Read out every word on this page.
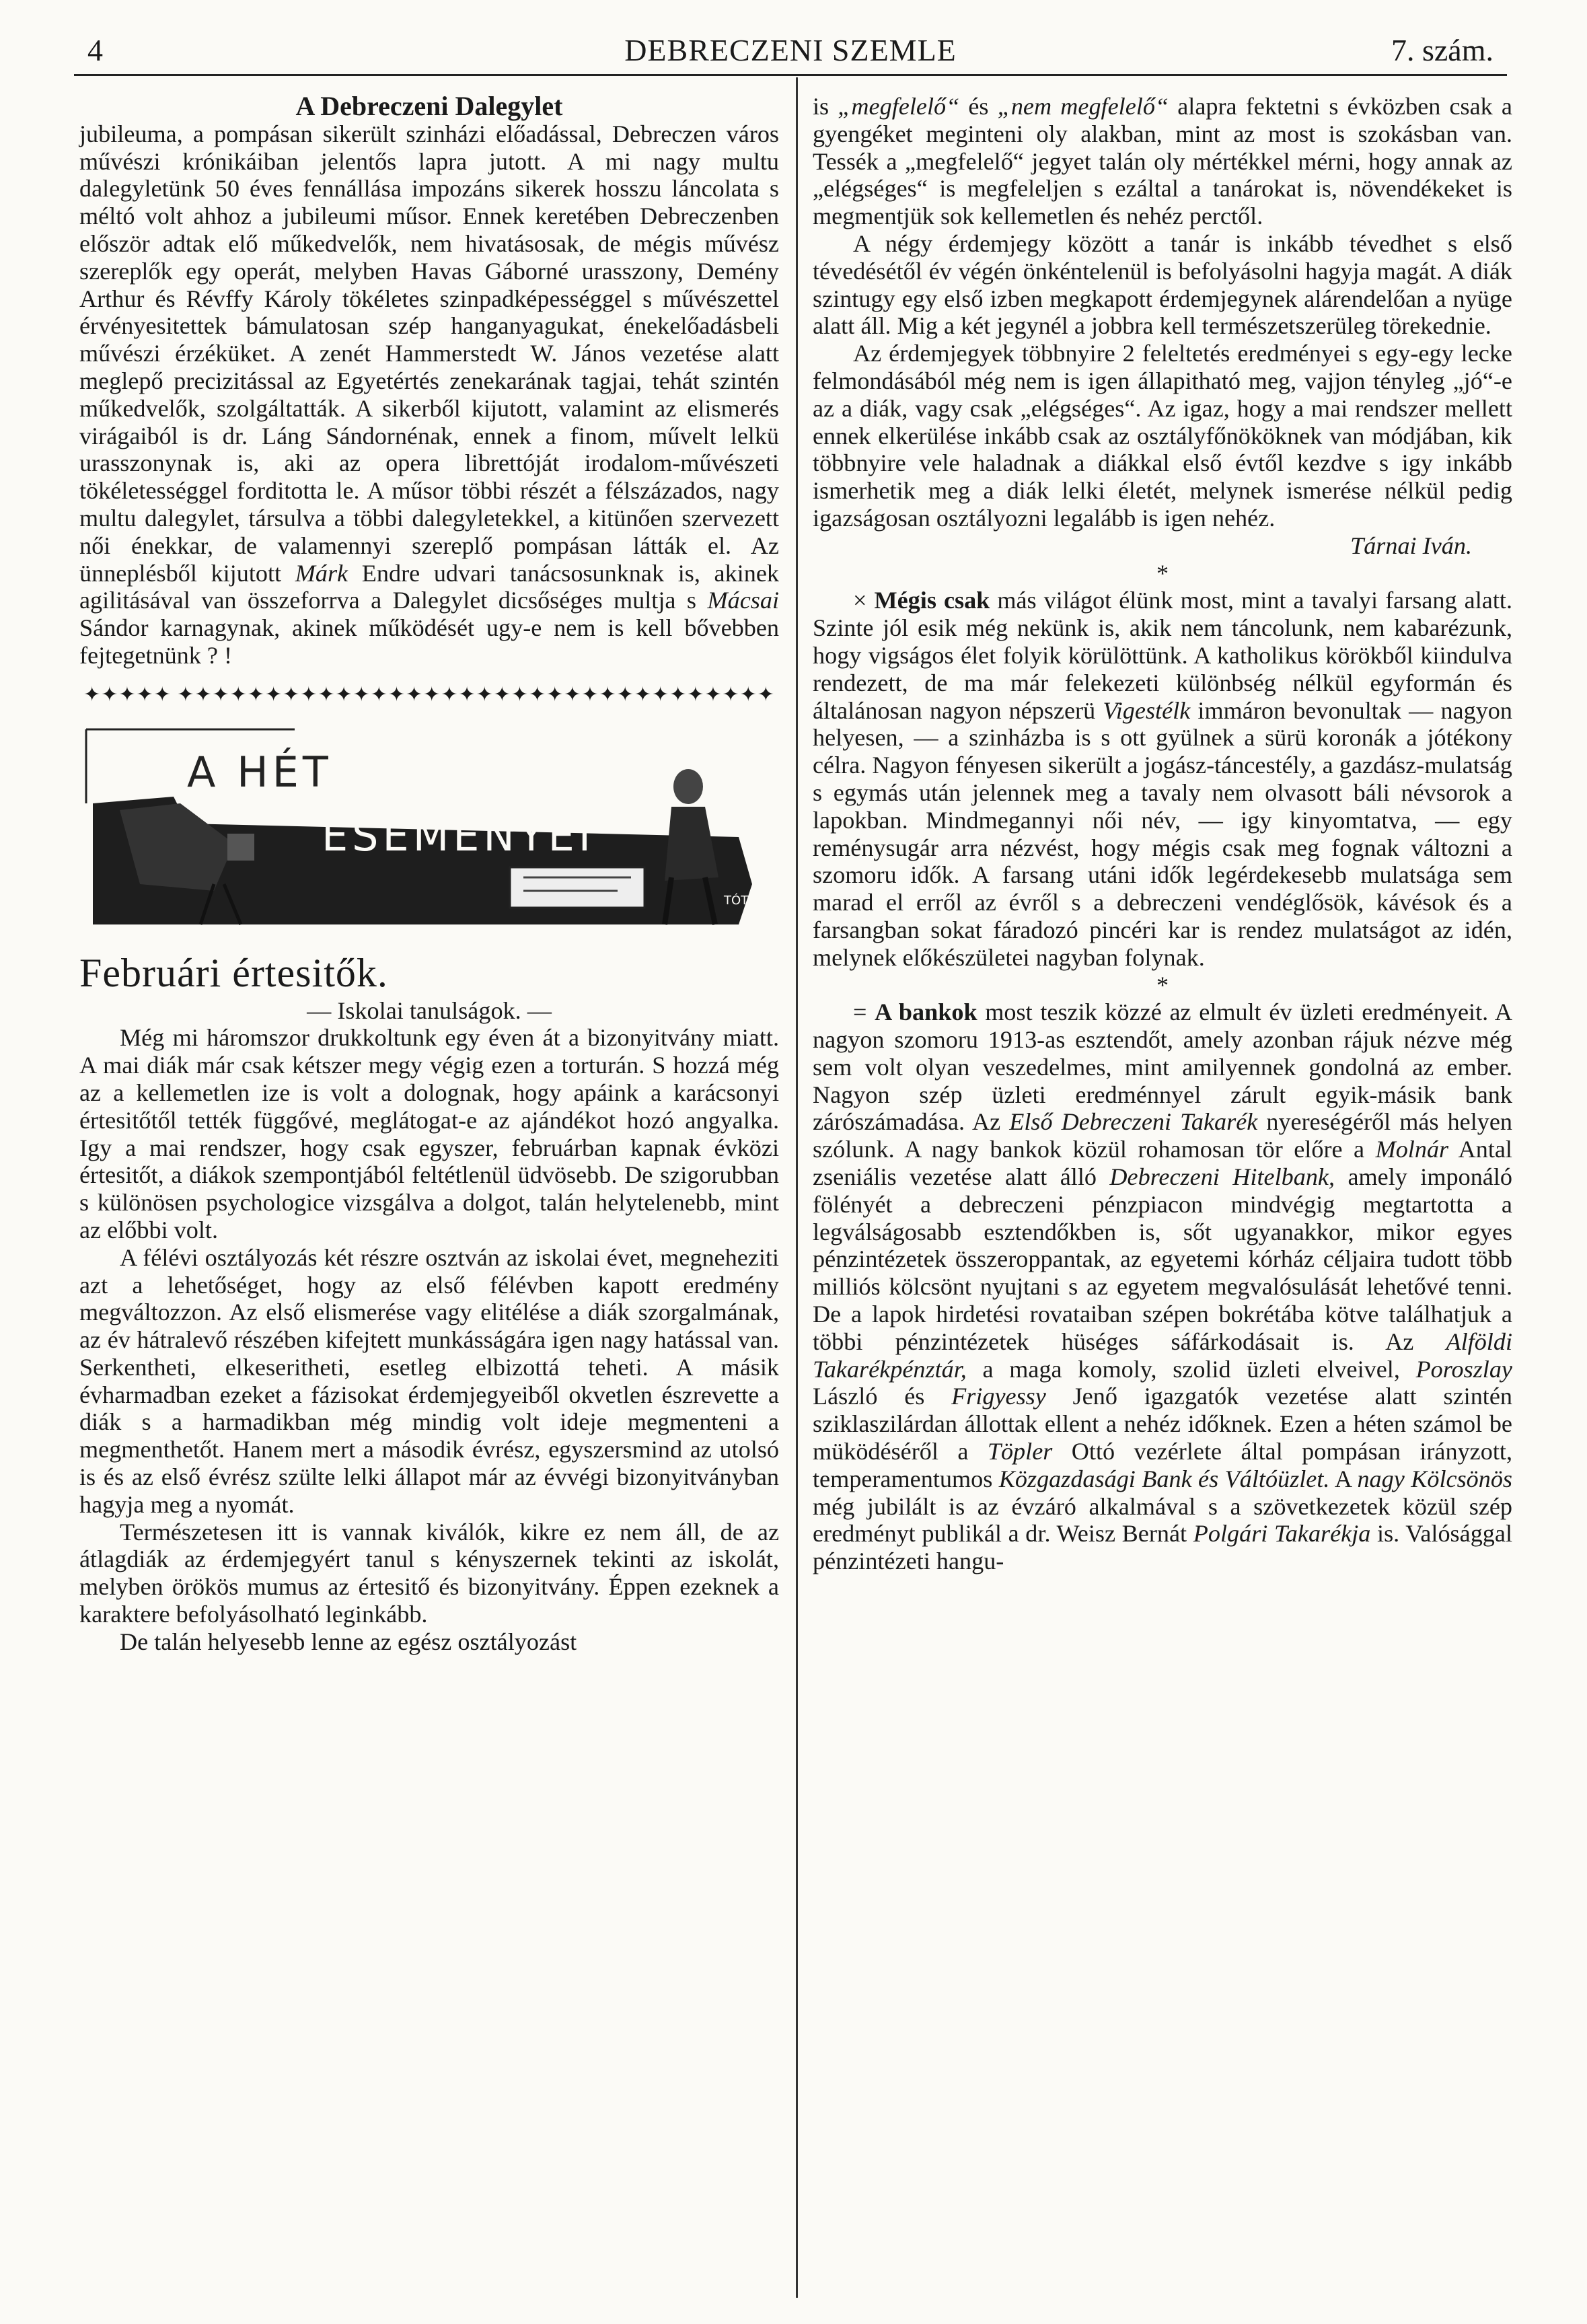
4	DEBRECZENI SZEMLE	7. szám.

A Debreczeni Dalegylet

jubileuma, a pompásan sikerült szinházi előadással, Debreczen város művészi krónikáiban jelentős lapra jutott. A mi nagy multu dalegyletünk 50 éves fennállása impozáns sikerek hosszu láncolata s méltó volt ahhoz a jubileumi műsor. Ennek keretében Debreczenben először adtak elő műkedvelők, nem hivatásosak, de mégis művész szereplők egy operát, melyben Havas Gáborné urasszony, Demény Arthur és Révffy Károly tökéletes szinpadképességgel s művészettel érvényesitettek bámulatosan szép hanganyagukat, énekelőadásbeli művészi érzéküket. A zenét Hammerstedt W. János vezetése alatt meglepő precizitással az Egyetértés zenekarának tagjai, tehát szintén műkedvelők, szolgáltatták. A sikerből kijutott, valamint az elismerés virágaiból is dr. Láng Sándornénak, ennek a finom, művelt lelkü urasszonynak is, aki az opera librettóját irodalom-művészeti tökéletességgel forditotta le. A műsor többi részét a félszázados, nagy multu dalegylet, társulva a többi dalegyletekkel, a kitünően szervezett női énekkar, de valamennyi szereplő pompásan látták el. Az ünneplésből kijutott Márk Endre udvari tanácsosunknak is, akinek agilitásával van összeforrva a Dalegylet dicsőséges multja s Mácsai Sándor karnagynak, akinek működését ugy-e nem is kell bővebben fejtegetnünk ? !

✦✦✦✦✦ ✦✦✦✦✦✦✦✦✦✦✦✦✦✦✦✦✦✦✦✦✦✦✦✦✦✦✦✦✦✦✦✦✦✦
A HÉT
ESEMÉNYEI
TÓTH 1912

Februári értesitők.

— Iskolai tanulságok. —

Még mi háromszor drukkoltunk egy éven át a bizonyitvány miatt. A mai diák már csak kétszer megy végig ezen a torturán. S hozzá még az a kellemetlen ize is volt a dolognak, hogy apáink a karácsonyi értesitőtől tették függővé, meglátogat-e az ajándékot hozó angyalka. Igy a mai rendszer, hogy csak egyszer, februárban kapnak évközi értesitőt, a diákok szempontjából feltétlenül üdvösebb. De szigorubban s különösen psychologice vizsgálva a dolgot, talán helytelenebb, mint az előbbi volt.

A félévi osztályozás két részre osztván az iskolai évet, megneheziti azt a lehetőséget, hogy az első félévben kapott eredmény megváltozzon. Az első elismerése vagy elitélése a diák szorgalmának, az év hátralevő részében kifejtett munkásságára igen nagy hatással van. Serkentheti, elkeseritheti, esetleg elbizottá teheti. A másik évharmadban ezeket a fázisokat érdemjegyeiből okvetlen észrevette a diák s a harmadikban még mindig volt ideje megmenteni a megmenthetőt. Hanem mert a második évrész, egyszersmind az utolsó is és az első évrész szülte lelki állapot már az évvégi bizonyitványban hagyja meg a nyomát.

Természetesen itt is vannak kiválók, kikre ez nem áll, de az átlagdiák az érdemjegyért tanul s kényszernek tekinti az iskolát, melyben örökös mumus az értesitő és bizonyitvány. Éppen ezeknek a karaktere befolyásolható leginkább.

De talán helyesebb lenne az egész osztályozást

is „megfelelő“ és „nem megfelelő“ alapra fektetni s évközben csak a gyengéket meginteni oly alakban, mint az most is szokásban van. Tessék a „megfelelő“ jegyet talán oly mértékkel mérni, hogy annak az „elégséges“ is megfeleljen s ezáltal a tanárokat is, növendékeket is megmentjük sok kellemetlen és nehéz perctől.

A négy érdemjegy között a tanár is inkább tévedhet s első tévedésétől év végén önkéntelenül is befolyásolni hagyja magát. A diák szintugy egy első izben megkapott érdemjegynek alárendelőan a nyüge alatt áll. Mig a két jegynél a jobbra kell természetszerüleg törekednie.

Az érdemjegyek többnyire 2 feleltetés eredményei s egy-egy lecke felmondásából még nem is igen állapitható meg, vajjon tényleg „jó“-e az a diák, vagy csak „elégséges“. Az igaz, hogy a mai rendszer mellett ennek elkerülése inkább csak az osztályfőnököknek van módjában, kik többnyire vele haladnak a diákkal első évtől kezdve s igy inkább ismerhetik meg a diák lelki életét, melynek ismerése nélkül pedig igazságosan osztályozni legalább is igen nehéz.

Tárnai Iván.

*

× Mégis csak más világot élünk most, mint a tavalyi farsang alatt. Szinte jól esik még nekünk is, akik nem táncolunk, nem kabarézunk, hogy vigságos élet folyik körülöttünk. A katholikus körökből kiindulva rendezett, de ma már felekezeti különbség nélkül egyformán és általánosan nagyon népszerü Vigestélk immáron bevonultak — nagyon helyesen, — a szinházba is s ott gyülnek a sürü koronák a jótékony célra. Nagyon fényesen sikerült a jogász-táncestély, a gazdász-mulatság s egymás után jelennek meg a tavaly nem olvasott báli névsorok a lapokban. Mindmegannyi női név, — igy kinyomtatva, — egy reménysugár arra nézvést, hogy mégis csak meg fognak változni a szomoru idők. A farsang utáni idők legérdekesebb mulatsága sem marad el erről az évről s a debreczeni vendéglősök, kávésok és a farsangban sokat fáradozó pincéri kar is rendez mulatságot az idén, melynek előkészületei nagyban folynak.

*

= A bankok most teszik közzé az elmult év üzleti eredményeit. A nagyon szomoru 1913-as esztendőt, amely azonban rájuk nézve még sem volt olyan veszedelmes, mint amilyennek gondolná az ember. Nagyon szép üzleti eredménnyel zárult egyik-másik bank zárószámadása. Az Első Debreczeni Takarék nyereségéről más helyen szólunk. A nagy bankok közül rohamosan tör előre a Molnár Antal zseniális vezetése alatt álló Debreczeni Hitelbank, amely imponáló fölényét a debreczeni pénzpiacon mindvégig megtartotta a legválságosabb esztendőkben is, sőt ugyanakkor, mikor egyes pénzintézetek összeroppantak, az egyetemi kórház céljaira tudott több milliós kölcsönt nyujtani s az egyetem megvalósulását lehetővé tenni. De a lapok hirdetési rovataiban szépen bokrétába kötve találhatjuk a többi pénzintézetek hüséges sáfárkodásait is. Az Alföldi Takarékpénztár, a maga komoly, szolid üzleti elveivel, Poroszlay László és Frigyessy Jenő igazgatók vezetése alatt szintén sziklaszilárdan állottak ellent a nehéz időknek. Ezen a héten számol be müködéséről a Töpler Ottó vezérlete által pompásan irányzott, temperamentumos Közgazdasági Bank és Váltóüzlet. A nagy Kölcsönös még jubilált is az évzáró alkalmával s a szövetkezetek közül szép eredményt publikál a dr. Weisz Bernát Polgári Takarékja is. Valósággal pénzintézeti hangu-
